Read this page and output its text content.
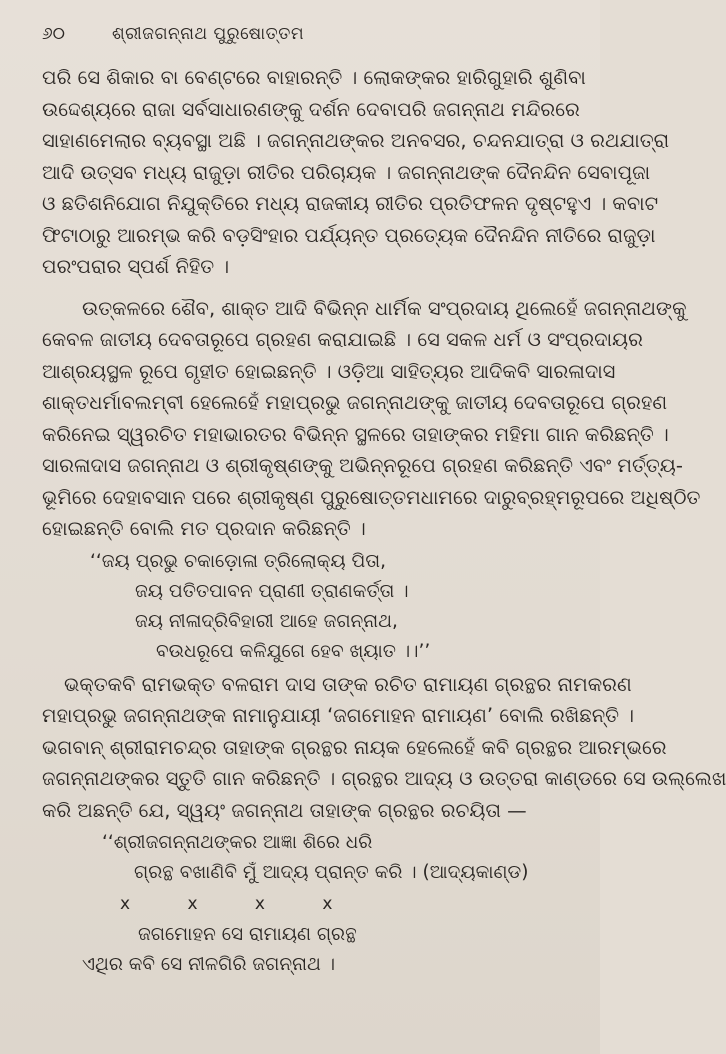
୬୦	ଶ୍ରୀଜଗନ୍ନାଥ ପୁରୁଷୋତ୍ତମ

ପରି ସେ ଶିକାର ବା ବେଣ୍ଟରେ ବାହାରନ୍ତି । ଲୋକଙ୍କର ହାରିଗୁହାରି ଶୁଣିବା
ଉଦ୍ଦେଶ୍ୟରେ ରାଜା ସର୍ବସାଧାରଣଙ୍କୁ ଦର୍ଶନ ଦେବାପରି ଜଗନ୍ନାଥ ମନ୍ଦିରରେ
ସାହାଣମେଲାର ବ୍ୟବସ୍ଥା ଅଛି । ଜଗନ୍ନାଥଙ୍କର ଅନବସର, ଚନ୍ଦନଯାତ୍ରା ଓ ରଥଯାତ୍ରା
ଆଦି ଉତ୍ସବ ମଧ୍ୟ ରାଜୁଡ଼ା ରୀତିର ପରିଚାୟକ । ଜଗନ୍ନାଥଙ୍କ ଦୈନନ୍ଦିନ ସେବାପୂଜା
ଓ ଛତିଶନିଯୋଗ ନିଯୁକ୍ତିରେ ମଧ୍ୟ ରାଜକୀୟ ରୀତିର ପ୍ରତିଫଳନ ଦୃଷ୍ଟହୁଏ । କବାଟ
ଫିଟାଠାରୁ ଆରମ୍ଭ କରି ବଡ଼ସିଂହାର ପର୍ଯ୍ୟନ୍ତ ପ୍ରତ୍ୟେକ ଦୈନନ୍ଦିନ ନୀତିରେ ରାଜୁଡ଼ା
ପରଂପରାର ସ୍ପର୍ଶ ନିହିତ ।

ଉତ୍କଳରେ ଶୈବ, ଶାକ୍ତ ଆଦି ବିଭିନ୍ନ ଧାର୍ମିକ ସଂପ୍ରଦାୟ ଥିଲେହେଁ ଜଗନ୍ନାଥଙ୍କୁ
କେବଳ ଜାତୀୟ ଦେବତାରୂପେ ଗ୍ରହଣ କରାଯାଇଛି । ସେ ସକଳ ଧର୍ମ ଓ ସଂପ୍ରଦାୟର
ଆଶ୍ରୟସ୍ଥଳ ରୂପେ ଗୃହୀତ ହୋଇଛନ୍ତି । ଓଡ଼ିଆ ସାହିତ୍ୟର ଆଦିକବି ସାରଳାଦାସ
ଶାକ୍ତଧର୍ମାବଲମ୍ବୀ ହେଲେହେଁ ମହାପ୍ରଭୁ ଜଗନ୍ନାଥଙ୍କୁ ଜାତୀୟ ଦେବତାରୂପେ ଗ୍ରହଣ
କରିନେଇ ସ୍ୱରଚିତ ମହାଭାରତର ବିଭିନ୍ନ ସ୍ଥଳରେ ତାହାଙ୍କର ମହିମା ଗାନ କରିଛନ୍ତି ।
ସାରଳାଦାସ ଜଗନ୍ନାଥ ଓ ଶ୍ରୀକୃଷ୍ଣଙ୍କୁ ଅଭିନ୍ନରୂପେ ଗ୍ରହଣ କରିଛନ୍ତି ଏବଂ ମର୍ତ୍ତ୍ୟ-
ଭୂମିରେ ଦେହାବସାନ ପରେ ଶ୍ରୀକୃଷ୍ଣ ପୁରୁଷୋତ୍ତମଧାମରେ ଦାରୁବ୍ରହ୍ମରୂପରେ ଅଧିଷ୍ଠିତ
ହୋଇଛନ୍ତି ବୋଲି ମତ ପ୍ରଦାନ କରିଛନ୍ତି ।

‘‘ଜୟ ପ୍ରଭୁ ଚକାଡ଼ୋଳା ତ୍ରିଲୋକ୍ୟ ପିତା,
ଜୟ ପତିତପାବନ ପ୍ରାଣୀ ତ୍ରାଣକର୍ତ୍ତା ।
ଜୟ ନୀଳାଦ୍ରିବିହାରୀ ଆହେ ଜଗନ୍ନାଥ,
ବଉଧରୂପେ କଳିଯୁଗେ ହେବ ଖ୍ୟାତ ।।’’

ଭକ୍ତକବି ରାମଭକ୍ତ ବଳରାମ ଦାସ ତାଙ୍କ ରଚିତ ରାମାୟଣ ଗ୍ରନ୍ଥର ନାମକରଣ
ମହାପ୍ରଭୁ ଜଗନ୍ନାଥଙ୍କ ନାମାନୁଯାୟୀ ‘ଜଗମୋହନ ରାମାୟଣ’ ବୋଲି ରଖିଛନ୍ତି ।
ଭଗବାନ୍ ଶ୍ରୀରାମଚନ୍ଦ୍ର ତାହାଙ୍କ ଗ୍ରନ୍ଥର ନାୟକ ହେଲେହେଁ କବି ଗ୍ରନ୍ଥର ଆରମ୍ଭରେ
ଜଗନ୍ନାଥଙ୍କର ସ୍ତୁତି ଗାନ କରିଛନ୍ତି । ଗ୍ରନ୍ଥର ଆଦ୍ୟ ଓ ଉତ୍ତରା କାଣ୍ଡରେ ସେ ଉଲ୍ଲେଖ
କରି ଅଛନ୍ତି ଯେ, ସ୍ୱୟଂ ଜଗନ୍ନାଥ ତାହାଙ୍କ ଗ୍ରନ୍ଥର ରଚୟିତା —

‘‘ଶ୍ରୀଜଗନ୍ନାଥଙ୍କର ଆଜ୍ଞା ଶିରେ ଧରି
ଗ୍ରନ୍ଥ ବଖାଣିବି ମୁଁ ଆଦ୍ୟ ପ୍ରାନ୍ତ କରି । (ଆଦ୍ୟକାଣ୍ଡ)
x x x x
ଜଗମୋହନ ସେ ରାମାୟଣ ଗ୍ରନ୍ଥ
ଏଥିର କବି ସେ ନୀଳଗିରି ଜଗନ୍ନାଥ ।
